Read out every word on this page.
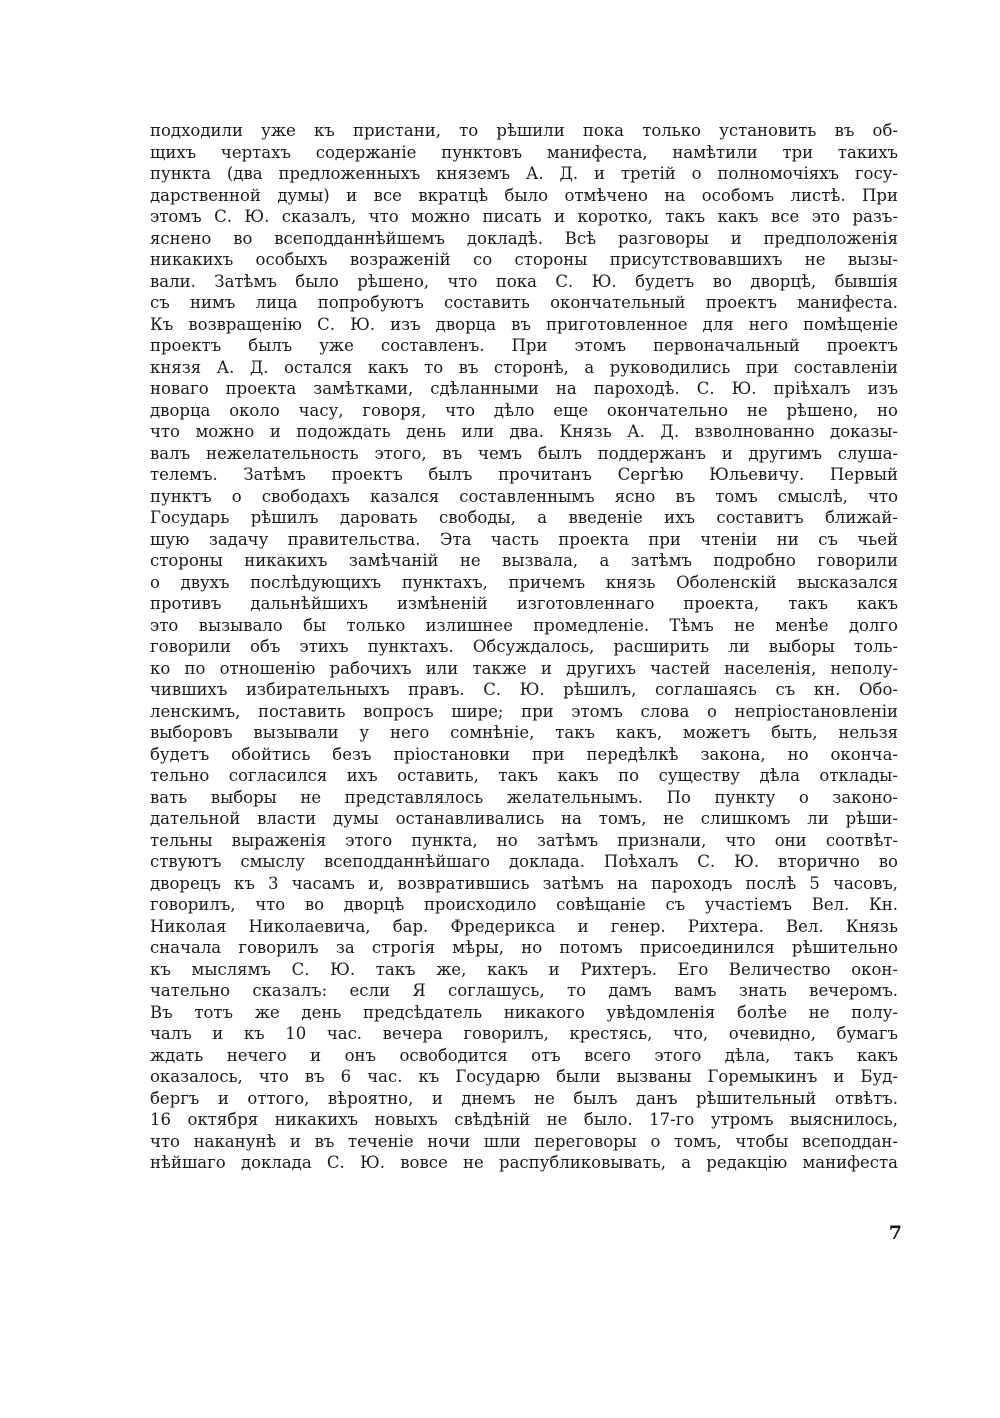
подходили уже къ пристани, то рѣшили пока только установить въ об-
щихъ чертахъ содержаніе пунктовъ манифеста, намѣтили три такихъ
пункта (два предложенныхъ княземъ А. Д. и третій о полномочіяхъ госу-
дарственной думы) и все вкратцѣ было отмѣчено на особомъ листѣ. При
этомъ С. Ю. сказалъ, что можно писать и коротко, такъ какъ все это разъ-
яснено во всеподданнѣйшемъ докладѣ. Всѣ разговоры и предположенія
никакихъ особыхъ возраженій со стороны присутствовавшихъ не вызы-
вали. Затѣмъ было рѣшено, что пока С. Ю. будетъ во дворцѣ, бывшія
съ нимъ лица попробуютъ составить окончательный проектъ манифеста.
Къ возвращенію С. Ю. изъ дворца въ приготовленное для него помѣщеніе
проектъ былъ уже составленъ. При этомъ первоначальный проектъ
князя А. Д. остался какъ то въ сторонѣ, а руководились при составленіи
новаго проекта замѣтками, сдѣланными на пароходѣ. С. Ю. пріѣхалъ изъ
дворца около часу, говоря, что дѣло еще окончательно не рѣшено, но
что можно и подождать день или два. Князь А. Д. взволнованно доказы-
валъ нежелательность этого, въ чемъ былъ поддержанъ и другимъ слуша-
телемъ. Затѣмъ проектъ былъ прочитанъ Сергѣю Юльевичу. Первый
пунктъ о свободахъ казался составленнымъ ясно въ томъ смыслѣ, что
Государь рѣшилъ даровать свободы, а введеніе ихъ составитъ ближай-
шую задачу правительства. Эта часть проекта при чтеніи ни съ чьей
стороны никакихъ замѣчаній не вызвала, а затѣмъ подробно говорили
о двухъ послѣдующихъ пунктахъ, причемъ князь Оболенскій высказался
противъ дальнѣйшихъ измѣненій изготовленнаго проекта, такъ какъ
это вызывало бы только излишнее промедленіе. Тѣмъ не менѣе долго
говорили объ этихъ пунктахъ. Обсуждалось, расширить ли выборы толь-
ко по отношенію рабочихъ или также и другихъ частей населенія, неполу-
чившихъ избирательныхъ правъ. С. Ю. рѣшилъ, соглашаясь съ кн. Обо-
ленскимъ, поставить вопросъ шире; при этомъ слова о непріостановленіи
выборовъ вызывали у него сомнѣніе, такъ какъ, можетъ быть, нельзя
будетъ обойтись безъ пріостановки при передѣлкѣ закона, но оконча-
тельно согласился ихъ оставить, такъ какъ по существу дѣла отклады-
вать выборы не представлялось желательнымъ. По пункту о законо-
дательной власти думы останавливались на томъ, не слишкомъ ли рѣши-
тельны выраженія этого пункта, но затѣмъ признали, что они соотвѣт-
ствуютъ смыслу всеподданнѣйшаго доклада. Поѣхалъ С. Ю. вторично во
дворецъ къ 3 часамъ и, возвратившись затѣмъ на пароходъ послѣ 5 часовъ,
говорилъ, что во дворцѣ происходило совѣщаніе съ участіемъ Вел. Кн.
Николая Николаевича, бар. Фредерикса и генер. Рихтера. Вел. Князь
сначала говорилъ за строгія мѣры, но потомъ присоединился рѣшительно
къ мыслямъ С. Ю. такъ же, какъ и Рихтеръ. Его Величество окон-
чательно сказалъ: если Я соглашусь, то дамъ вамъ знать вечеромъ.
Въ тотъ же день предсѣдатель никакого увѣдомленія болѣе не полу-
чалъ и къ 10 час. вечера говорилъ, крестясь, что, очевидно, бумагъ
ждать нечего и онъ освободится отъ всего этого дѣла, такъ какъ
оказалось, что въ 6 час. къ Государю были вызваны Горемыкинъ и Буд-
бергъ и оттого, вѣроятно, и днемъ не былъ данъ рѣшительный отвѣтъ.
16 октября никакихъ новыхъ свѣдѣній не было. 17-го утромъ выяснилось,
что наканунѣ и въ теченіе ночи шли переговоры о томъ, чтобы всеподдан-
нѣйшаго доклада С. Ю. вовсе не распубликовывать, а редакцію манифеста
7
